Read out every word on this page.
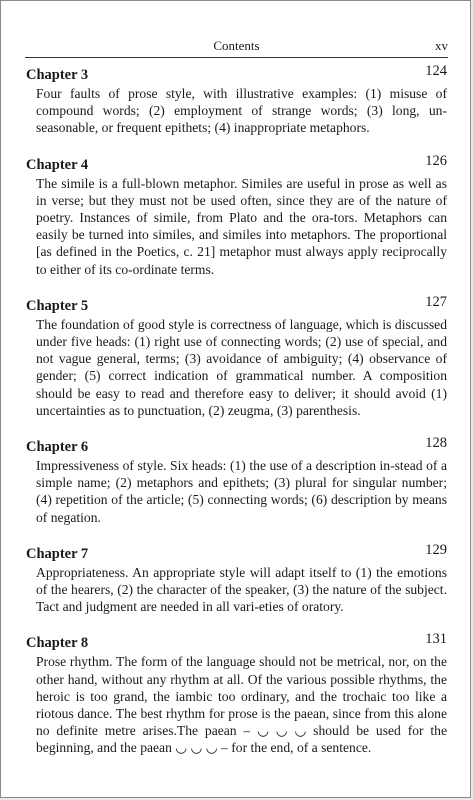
Contents	xv
Chapter 3	124

Four faults of prose style, with illustrative examples: (1) misuse of compound words; (2) employment of strange words; (3) long, un-seasonable, or frequent epithets; (4) inappropriate metaphors.

Chapter 4	126

The simile is a full-blown metaphor. Similes are useful in prose as well as in verse; but they must not be used often, since they are of the nature of poetry. Instances of simile, from Plato and the ora-tors. Metaphors can easily be turned into similes, and similes into metaphors. The proportional [as defined in the Poetics, c. 21] metaphor must always apply reciprocally to either of its co-ordinate terms.

Chapter 5	127

The foundation of good style is correctness of language, which is discussed under five heads: (1) right use of connecting words; (2) use of special, and not vague general, terms; (3) avoidance of ambiguity; (4) observance of gender; (5) correct indication of grammatical number. A composition should be easy to read and therefore easy to deliver; it should avoid (1) uncertainties as to punctuation, (2) zeugma, (3) parenthesis.

Chapter 6	128

Impressiveness of style. Six heads: (1) the use of a description in-stead of a simple name; (2) metaphors and epithets; (3) plural for singular number; (4) repetition of the article; (5) connecting words; (6) description by means of negation.

Chapter 7	129

Appropriateness. An appropriate style will adapt itself to (1) the emotions of the hearers, (2) the character of the speaker, (3) the nature of the subject. Tact and judgment are needed in all vari-eties of oratory.

Chapter 8	131

Prose rhythm. The form of the language should not be metrical, nor, on the other hand, without any rhythm at all. Of the various possible rhythms, the heroic is too grand, the iambic too ordinary, and the trochaic too like a riotous dance. The best rhythm for prose is the paean, since from this alone no definite metre arises.The paean – ◡ ◡ ◡ should be used for the beginning, and the paean ◡ ◡ ◡ – for the end, of a sentence.
